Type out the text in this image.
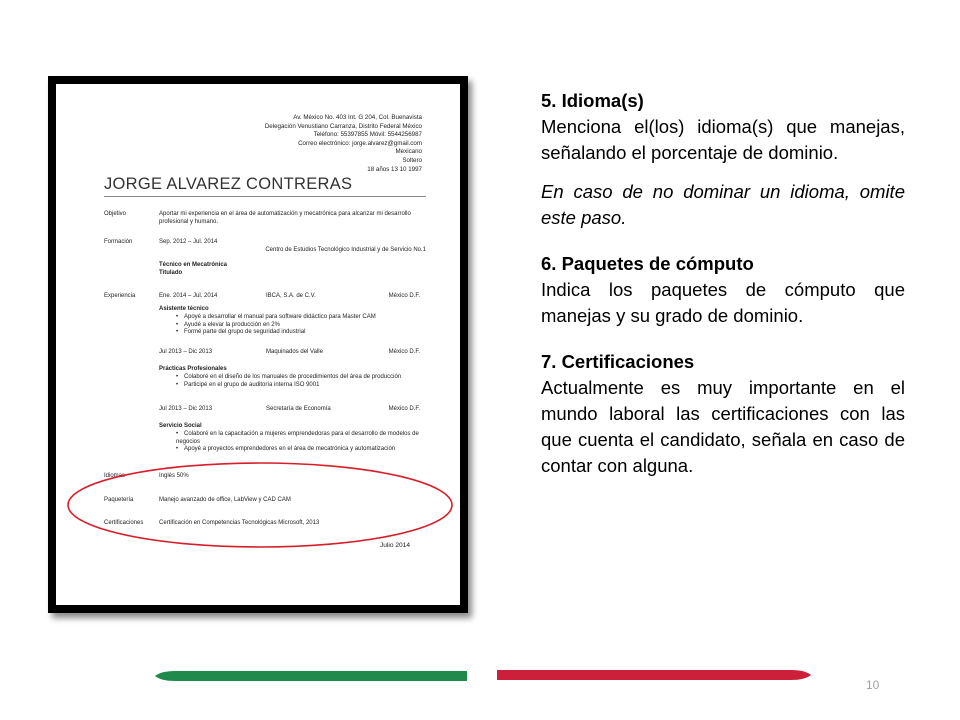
Av. México No. 403 Int. G 204, Col. Buenavista
Delegación Venustiano Carranza, Distrito Federal México
Teléfono: 55397855 Móvil: 5544256987
Correo electrónico: jorge.alvarez@gmail.com
Mexicano
Soltero
18 años 13 10 1997
JORGE ALVAREZ CONTRERAS
Objetivo	Aportar mi experiencia en el área de automatización y mecatrónica para alcanzar mi desarrollo profesional y humano.
Formación	Sep. 2012 – Jul. 2014
Centro de Estudios Tecnológico Industrial y de Servicio No.1
Técnico en Mecatrónica
Titulado
Experiencia	Ene. 2014 – Jul. 2014	IBCA, S.A. de C.V.	México D.F.
Asistente técnico
• Apoyé a desarrollar el manual para software didáctico para Master CAM
• Ayudé a elevar la producción en 2%
• Formé parte del grupo de seguridad industrial
Jul 2013 – Dic 2013	Maquinados del Valle	México D.F.
Prácticas Profesionales
• Colaboré en el diseño de los manuales de procedimientos del área de producción
• Participé en el grupo de auditoría interna ISO 9001
Jul 2013 – Dic 2013	Secretaría de Economía	México D.F.
Servicio Social
• Colaboré en la capacitación a mujeres emprendedoras para el desarrollo de modelos de negocios
• Apoyé a proyectos emprendedores en el área de mecatrónica y automatización
Idiomas	Inglés 50%
Paquetería	Manejo avanzado de office, LabView y CAD CAM
Certificaciones	Certificación en Competencias Tecnológicas Microsoft, 2013
Julio 2014

5. Idioma(s)

Menciona el(los) idioma(s) que manejas, señalando el porcentaje de dominio.

En caso de no dominar un idioma, omite este paso.

6. Paquetes de cómputo

Indica los paquetes de cómputo que manejas y su grado de dominio.

7. Certificaciones

Actualmente es muy importante en el mundo laboral las certificaciones con las que cuenta el candidato, señala en caso de contar con alguna.

10
